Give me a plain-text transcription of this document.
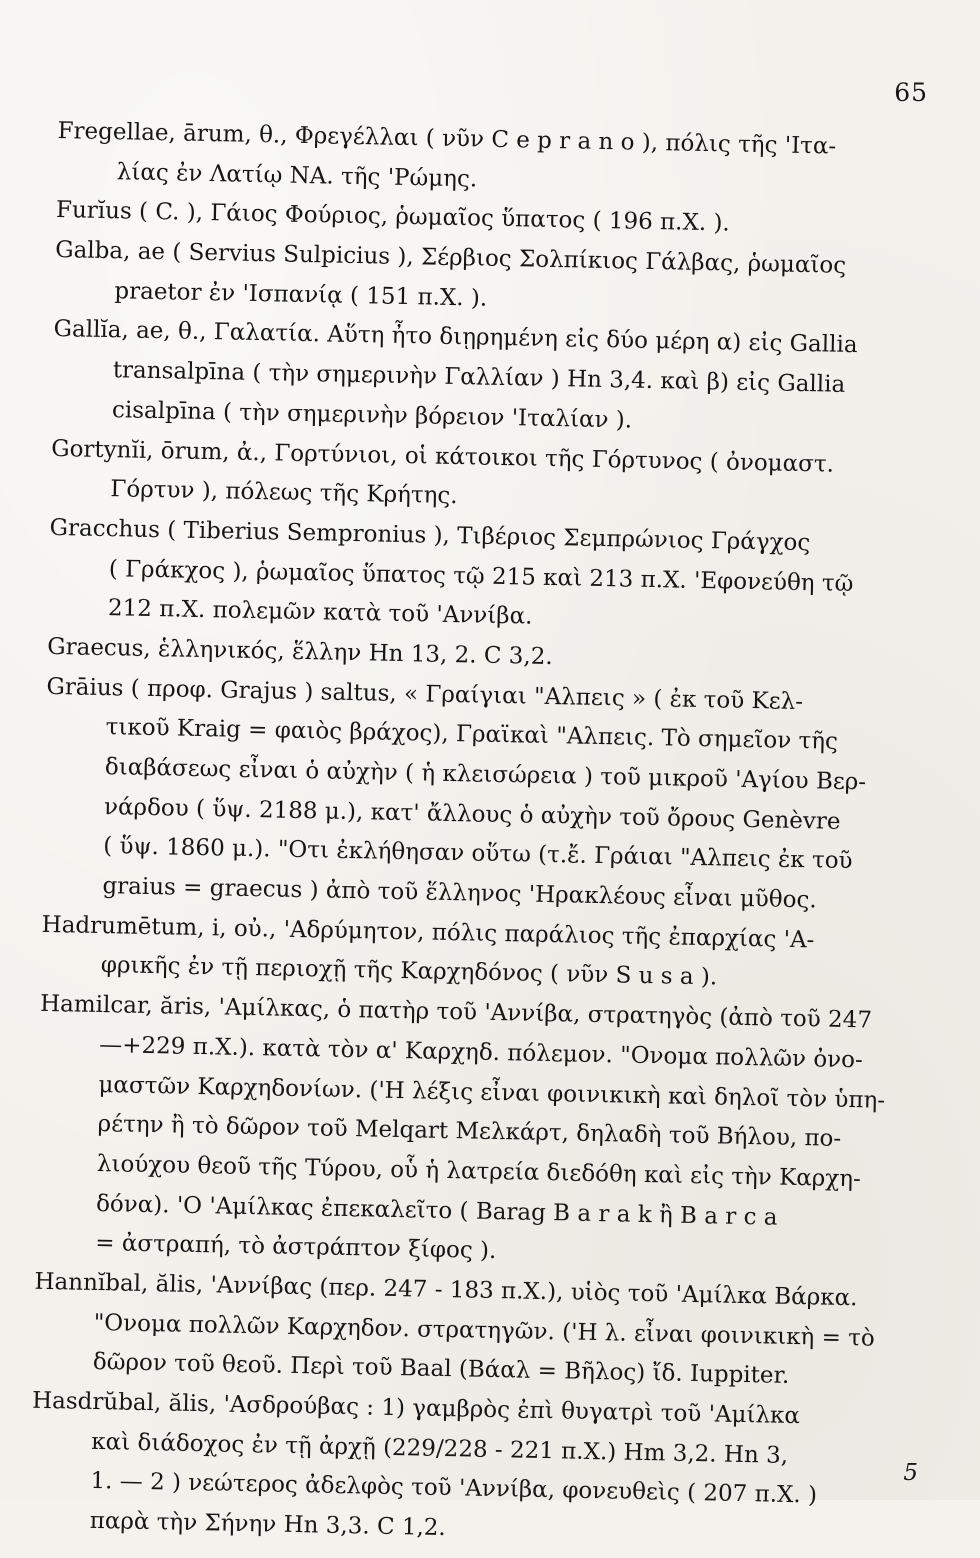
65
Fregellae, ārum, θ., Φρεγέλλαι ( νῦν C e p r a n o ), πόλις τῆς 'Ιτα-
λίας ἐν Λατίῳ ΝΑ. τῆς 'Ρώμης.
Furĭus ( C. ), Γάιος Φούριος, ῥωμαῖος ὕπατος ( 196 π.Χ. ).
Galba, ae ( Servius Sulpicius ), Σέρβιος Σολπίκιος Γάλβας, ῥωμαῖος
praetor ἐν 'Ισπανίᾳ ( 151 π.Χ. ).
Gallĭa, ae, θ., Γαλατία. Αὕτη ἦτο διῃρημένη εἰς δύο μέρη α) εἰς Gallia
transalpīna ( τὴν σημερινὴν Γαλλίαν ) Hn 3,4. καὶ β) εἰς Gallia
cisalpīna ( τὴν σημερινὴν βόρειον 'Ιταλίαν ).
Gortynĭi, ōrum, ἀ., Γορτύνιοι, οἱ κάτοικοι τῆς Γόρτυνος ( ὀνομαστ.
Γόρτυν ), πόλεως τῆς Κρήτης.
Gracchus ( Tiberius Sempronius ), Τιβέριος Σεμπρώνιος Γράγχος
( Γράκχος ), ῥωμαῖος ὕπατος τῷ 215 καὶ 213 π.Χ. 'Εφονεύθη τῷ
212 π.Χ. πολεμῶν κατὰ τοῦ 'Αννίβα.
Graecus, ἑλληνικός, ἕλλην Hn 13, 2. C 3,2.
Grāius ( προφ. Grajus ) saltus, « Γραίγιαι "Αλπεις » ( ἐκ τοῦ Κελ-
τικοῦ Kraig = φαιὸς βράχος), Γραϊκαὶ "Αλπεις. Τὸ σημεῖον τῆς
διαβάσεως εἶναι ὁ αὐχὴν ( ἡ κλεισώρεια ) τοῦ μικροῦ 'Αγίου Βερ-
νάρδου ( ὕψ. 2188 μ.), κατ' ἄλλους ὁ αὐχὴν τοῦ ὄρους Genèvre
( ὕψ. 1860 μ.). "Οτι ἐκλήθησαν οὕτω (τ.ἔ. Γράιαι "Αλπεις ἐκ τοῦ
graius = graecus ) ἀπὸ τοῦ ἕλληνος 'Ηρακλέους εἶναι μῦθος.
Hadrumētum, i, οὐ., 'Αδρύμητον, πόλις παράλιος τῆς ἐπαρχίας 'Α-
φρικῆς ἐν τῇ περιοχῇ τῆς Καρχηδόνος ( νῦν S u s a ).
Hamilcar, ăris, 'Αμίλκας, ὁ πατὴρ τοῦ 'Αννίβα, στρατηγὸς (ἀπὸ τοῦ 247
—+229 π.Χ.). κατὰ τὸν α' Καρχηδ. πόλεμον. "Ονομα πολλῶν ὀνο-
μαστῶν Καρχηδονίων. ('Η λέξις εἶναι φοινικικὴ καὶ δηλοῖ τὸν ὑπη-
ρέτην ἢ τὸ δῶρον τοῦ Melqart Μελκάρτ, δηλαδὴ τοῦ Βήλου, πο-
λιούχου θεοῦ τῆς Τύρου, οὗ ἡ λατρεία διεδόθη καὶ εἰς τὴν Καρχη-
δόνα). 'Ο 'Αμίλκας ἐπεκαλεῖτο ( Barag B a r a k ἢ B a r c a
= ἀστραπή, τὸ ἀστράπτον ξίφος ).
Hannĭbal, ălis, 'Αννίβας (περ. 247 - 183 π.Χ.), υἱὸς τοῦ 'Αμίλκα Βάρκα.
"Ονομα πολλῶν Καρχηδον. στρατηγῶν. ('Η λ. εἶναι φοινικικὴ = τὸ
δῶρον τοῦ θεοῦ. Περὶ τοῦ Baal (Βάαλ = Βῆλος) ἴδ. Iuppiter.
Hasdrŭbal, ălis, 'Ασδρούβας : 1) γαμβρὸς ἐπὶ θυγατρὶ τοῦ 'Αμίλκα
καὶ διάδοχος ἐν τῇ ἀρχῇ (229/228 - 221 π.Χ.) Hm 3,2. Hn 3,
1. — 2 ) νεώτερος ἀδελφὸς τοῦ 'Αννίβα, φονευθεὶς ( 207 π.Χ. )
παρὰ τὴν Σήνην Hn 3,3. C 1,2.
5
